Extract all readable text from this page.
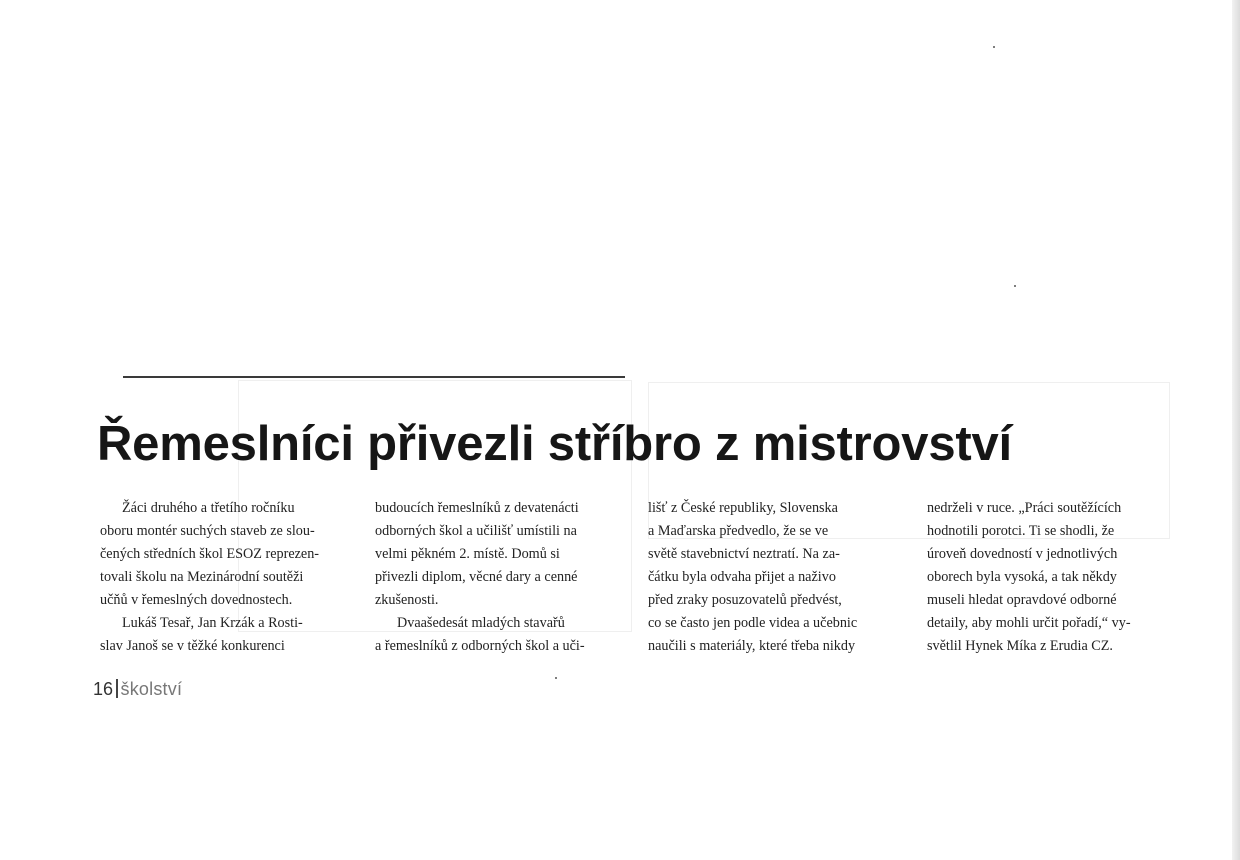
Řemeslníci přivezli stříbro z mistrovství
Žáci druhého a třetího ročníku
oboru montér suchých staveb ze slou-
čených středních škol ESOZ reprezen-
tovali školu na Mezinárodní soutěži
učňů v řemeslných dovednostech.
Lukáš Tesař, Jan Krzák a Rosti-
slav Janoš se v těžké konkurenci
budoucích řemeslníků z devatenácti
odborných škol a učilišť umístili na
velmi pěkném 2. místě. Domů si
přivezli diplom, věcné dary a cenné
zkušenosti.
Dvaašedesát mladých stavařů
a řemeslníků z odborných škol a uči-
lišť z České republiky, Slovenska
a Maďarska předvedlo, že se ve
světě stavebnictví neztratí. Na za-
čátku byla odvaha přijet a naživo
před zraky posuzovatelů předvést,
co se často jen podle videa a učebnic
naučili s materiály, které třeba nikdy
nedrželi v ruce. „Práci soutěžících
hodnotili porotci. Ti se shodli, že
úroveň dovedností v jednotlivých
oborech byla vysoká, a tak někdy
museli hledat opravdové odborné
detaily, aby mohli určit pořadí,“ vy-
světlil Hynek Míka z Erudia CZ.
16 školství
